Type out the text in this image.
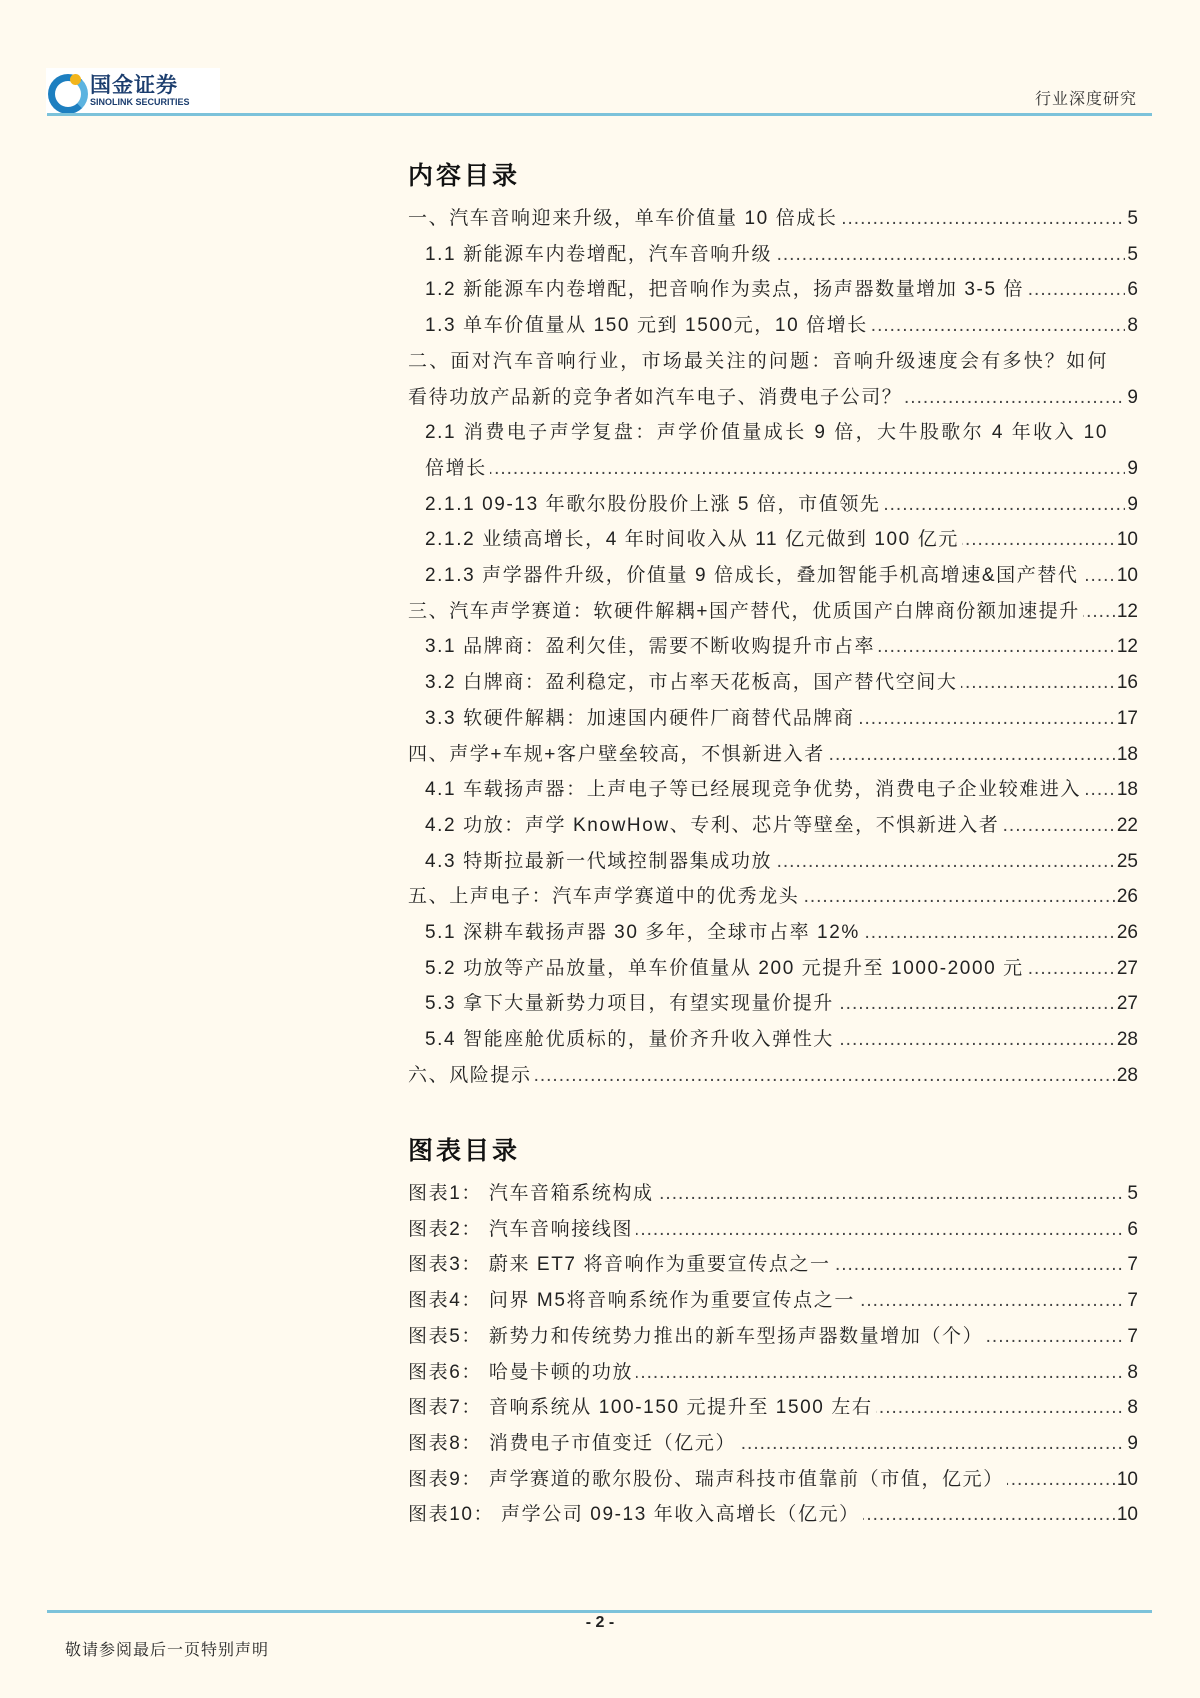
国金证券
SINOLINK SECURITIES	行业深度研究
内容目录
一、汽车音响迎来升级，单车价值量 10 倍成长	5
.....
1.1 新能源车内卷增配，汽车音响升级	5
.....
1.2 新能源车内卷增配，把音响作为卖点，扬声器数量增加 3-5 倍	6
.....
1.3 单车价值量从 150 元到 1500元，10 倍增长	8
.....
二、面对汽车音响行业，市场最关注的问题：音响升级速度会有多快？如何看待功放产品新的竞争者如汽车电子、消费电子公司？	9
.....
2.1 消费电子声学复盘：声学价值量成长 9 倍，大牛股歌尔 4 年收入 10 倍增长	9
.....
2.1.1 09-13 年歌尔股份股价上涨 5 倍，市值领先	9
.....
2.1.2 业绩高增长，4 年时间收入从 11 亿元做到 100 亿元	10
.....
2.1.3 声学器件升级，价值量 9 倍成长，叠加智能手机高增速&国产替代 10
.....
三、汽车声学赛道：软硬件解耦+国产替代，优质国产白牌商份额加速提升 12
.....
3.1 品牌商：盈利欠佳，需要不断收购提升市占率	12
.....
3.2 白牌商：盈利稳定，市占率天花板高，国产替代空间大	16
.....
3.3 软硬件解耦：加速国内硬件厂商替代品牌商	17
.....
四、声学+车规+客户壁垒较高，不惧新进入者	18
.....
4.1 车载扬声器：上声电子等已经展现竞争优势，消费电子企业较难进入 18
.....
4.2 功放：声学 KnowHow、专利、芯片等壁垒，不惧新进入者	22
.....
4.3 特斯拉最新一代域控制器集成功放	25
.....
五、上声电子：汽车声学赛道中的优秀龙头	26
.....
5.1 深耕车载扬声器 30 多年，全球市占率 12%	26
.....
5.2 功放等产品放量，单车价值量从 200 元提升至 1000-2000 元	27
.....
5.3 拿下大量新势力项目，有望实现量价提升	27
.....
5.4 智能座舱优质标的，量价齐升收入弹性大	28
.....
六、风险提示	28
.....
图表目录
图表1： 汽车音箱系统构成	5
.....
图表2： 汽车音响接线图	6
.....
图表3： 蔚来 ET7 将音响作为重要宣传点之一	7
.....
图表4： 问界 M5将音响系统作为重要宣传点之一	7
.....
图表5： 新势力和传统势力推出的新车型扬声器数量增加（个）	7
.....
图表6： 哈曼卡顿的功放	8
.....
图表7： 音响系统从 100-150 元提升至 1500 左右	8
.....
图表8： 消费电子市值变迁（亿元）	9
.....
图表9： 声学赛道的歌尔股份、瑞声科技市值靠前（市值，亿元）	10
.....
图表10： 声学公司 09-13 年收入高增长（亿元）	10
.....
- 2 -
敬请参阅最后一页特别声明
